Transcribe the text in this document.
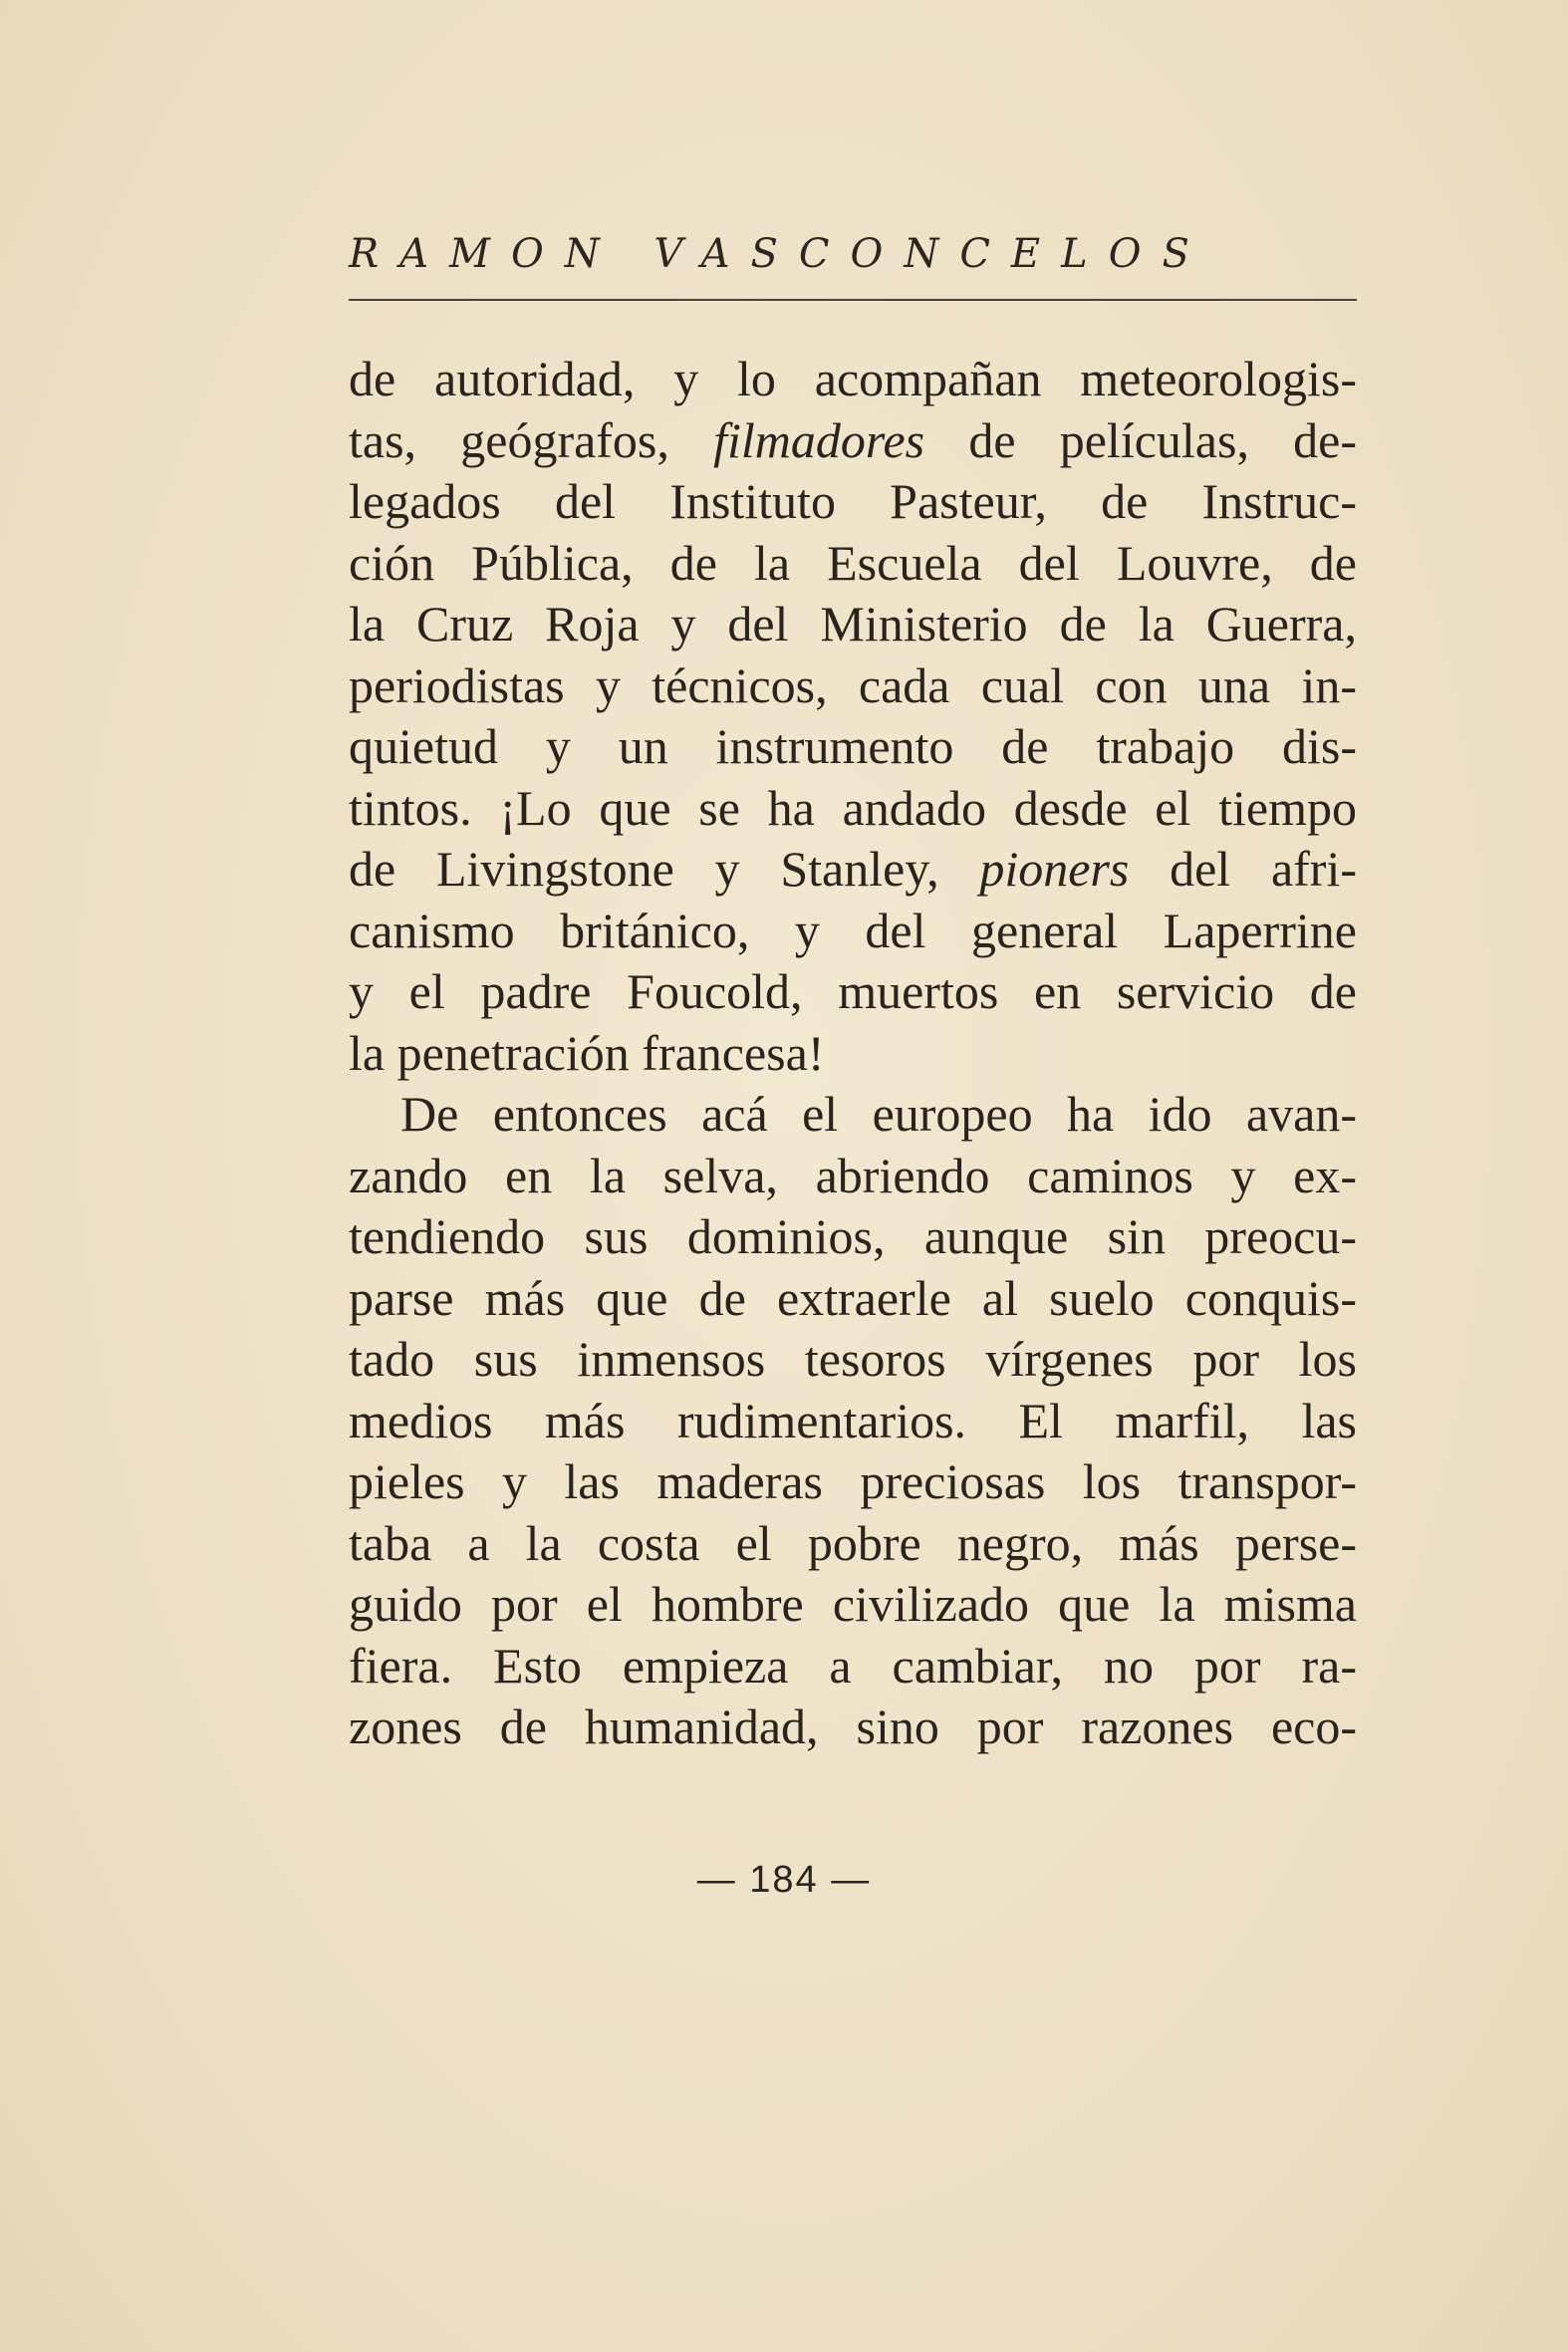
RAMON VASCONCELOS
de autoridad, y lo acompañan meteorologis-
tas, geógrafos, filmadores de películas, de-
legados del Instituto Pasteur, de Instruc-
ción Pública, de la Escuela del Louvre, de
la Cruz Roja y del Ministerio de la Guerra,
periodistas y técnicos, cada cual con una in-
quietud y un instrumento de trabajo dis-
tintos. ¡Lo que se ha andado desde el tiempo
de Livingstone y Stanley, pioners del afri-
canismo británico, y del general Laperrine
y el padre Foucold, muertos en servicio de
la penetración francesa!
De entonces acá el europeo ha ido avan-
zando en la selva, abriendo caminos y ex-
tendiendo sus dominios, aunque sin preocu-
parse más que de extraerle al suelo conquis-
tado sus inmensos tesoros vírgenes por los
medios más rudimentarios. El marfil, las
pieles y las maderas preciosas los transpor-
taba a la costa el pobre negro, más perse-
guido por el hombre civilizado que la misma
fiera. Esto empieza a cambiar, no por ra-
zones de humanidad, sino por razones eco-
— 184 —
